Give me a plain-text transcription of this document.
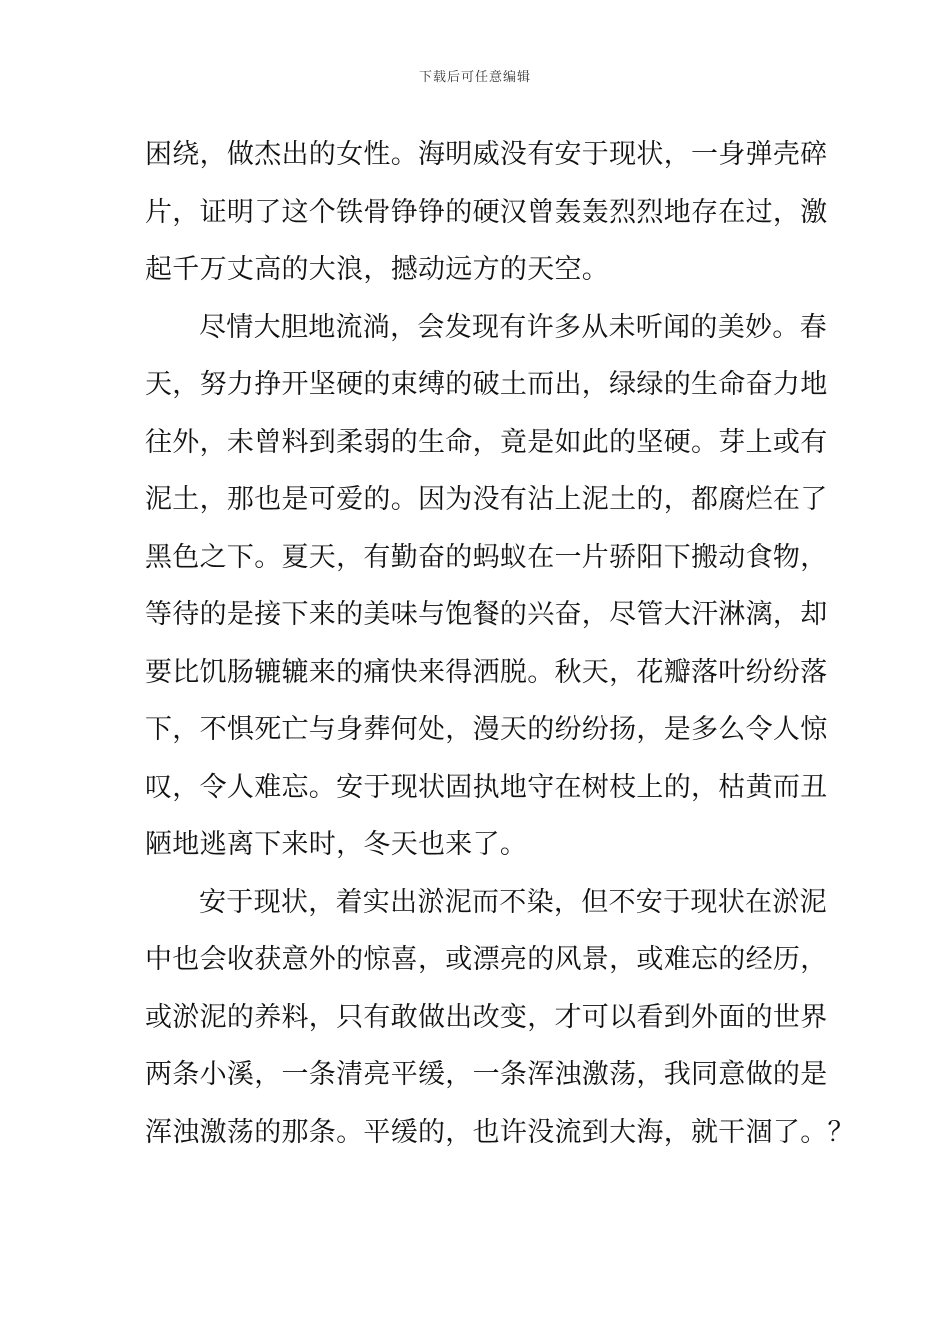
下载后可任意编辑
困绕，做杰出的女性。海明威没有安于现状，一身弹壳碎
片，证明了这个铁骨铮铮的硬汉曾轰轰烈烈地存在过，激
起千万丈高的大浪，撼动远方的天空。
尽情大胆地流淌，会发现有许多从未听闻的美妙。春
天，努力挣开坚硬的束缚的破土而出，绿绿的生命奋力地
往外，未曾料到柔弱的生命，竟是如此的坚硬。芽上或有
泥土，那也是可爱的。因为没有沾上泥土的，都腐烂在了
黑色之下。夏天，有勤奋的蚂蚁在一片骄阳下搬动食物，
等待的是接下来的美味与饱餐的兴奋，尽管大汗淋漓，却
要比饥肠辘辘来的痛快来得洒脱。秋天，花瓣落叶纷纷落
下，不惧死亡与身葬何处，漫天的纷纷扬，是多么令人惊
叹，令人难忘。安于现状固执地守在树枝上的，枯黄而丑
陋地逃离下来时，冬天也来了。
安于现状，着实出淤泥而不染，但不安于现状在淤泥
中也会收获意外的惊喜，或漂亮的风景，或难忘的经历，
或淤泥的养料，只有敢做出改变，才可以看到外面的世界
两条小溪，一条清亮平缓，一条浑浊激荡，我同意做的是
浑浊激荡的那条。平缓的，也许没流到大海，就干涸了。？
